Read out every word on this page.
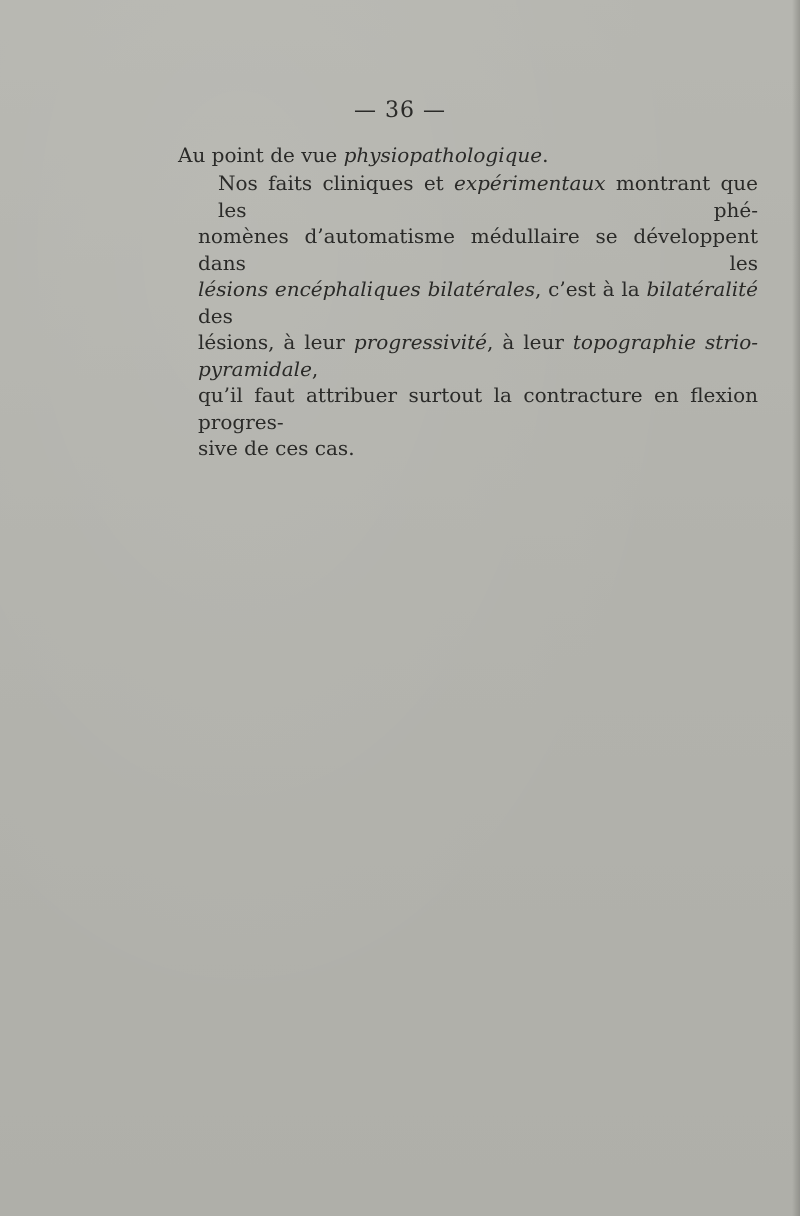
— 36 —
Au point de vue physiopathologique.
Nos faits cliniques et expérimentaux montrant que les phé-
nomènes d’automatisme médullaire se développent dans les
lésions encéphaliques bilatérales, c’est à la bilatéralité des
lésions, à leur progressivité, à leur topographie strio-pyramidale,
qu’il faut attribuer surtout la contracture en flexion progres-
sive de ces cas.
